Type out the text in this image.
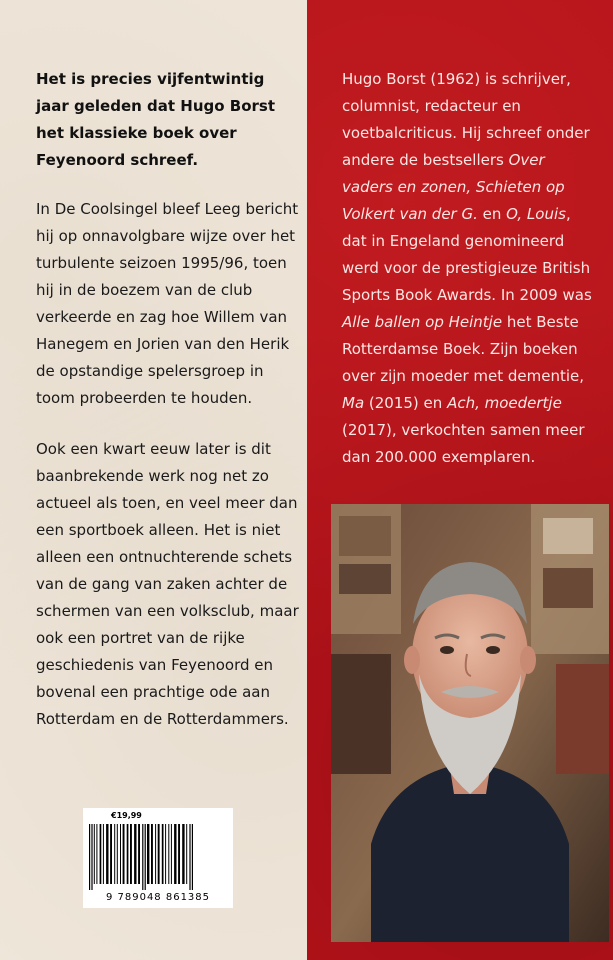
Het is precies vijfentwintig jaar geleden dat Hugo Borst het klassieke boek over Feyenoord schreef.

In De Coolsingel bleef Leeg bericht hij op onnavolgbare wijze over het turbulente seizoen 1995/96, toen hij in de boezem van de club verkeerde en zag hoe Willem van Hanegem en Jorien van den Herik de opstandige spelersgroep in toom probeerden te houden.

Ook een kwart eeuw later is dit baanbrekende werk nog net zo actueel als toen, en veel meer dan een sportboek alleen. Het is niet alleen een ontnuchterende schets van de gang van zaken achter de schermen van een volksclub, maar ook een portret van de rijke geschiedenis van Feyenoord en bovenal een prachtige ode aan Rotterdam en de Rotterdammers.

Hugo Borst (1962) is schrijver, columnist, redacteur en voetbalcriticus. Hij schreef onder andere de bestsellers Over vaders en zonen, Schieten op Volkert van der G. en O, Louis, dat in Engeland genomineerd werd voor de prestigieuze British Sports Book Awards. In 2009 was Alle ballen op Heintje het Beste Rotterdamse Boek. Zijn boeken over zijn moeder met dementie, Ma (2015) en Ach, moedertje (2017), verkochten samen meer dan 200.000 exemplaren.

€19,99
9 789048 861385
